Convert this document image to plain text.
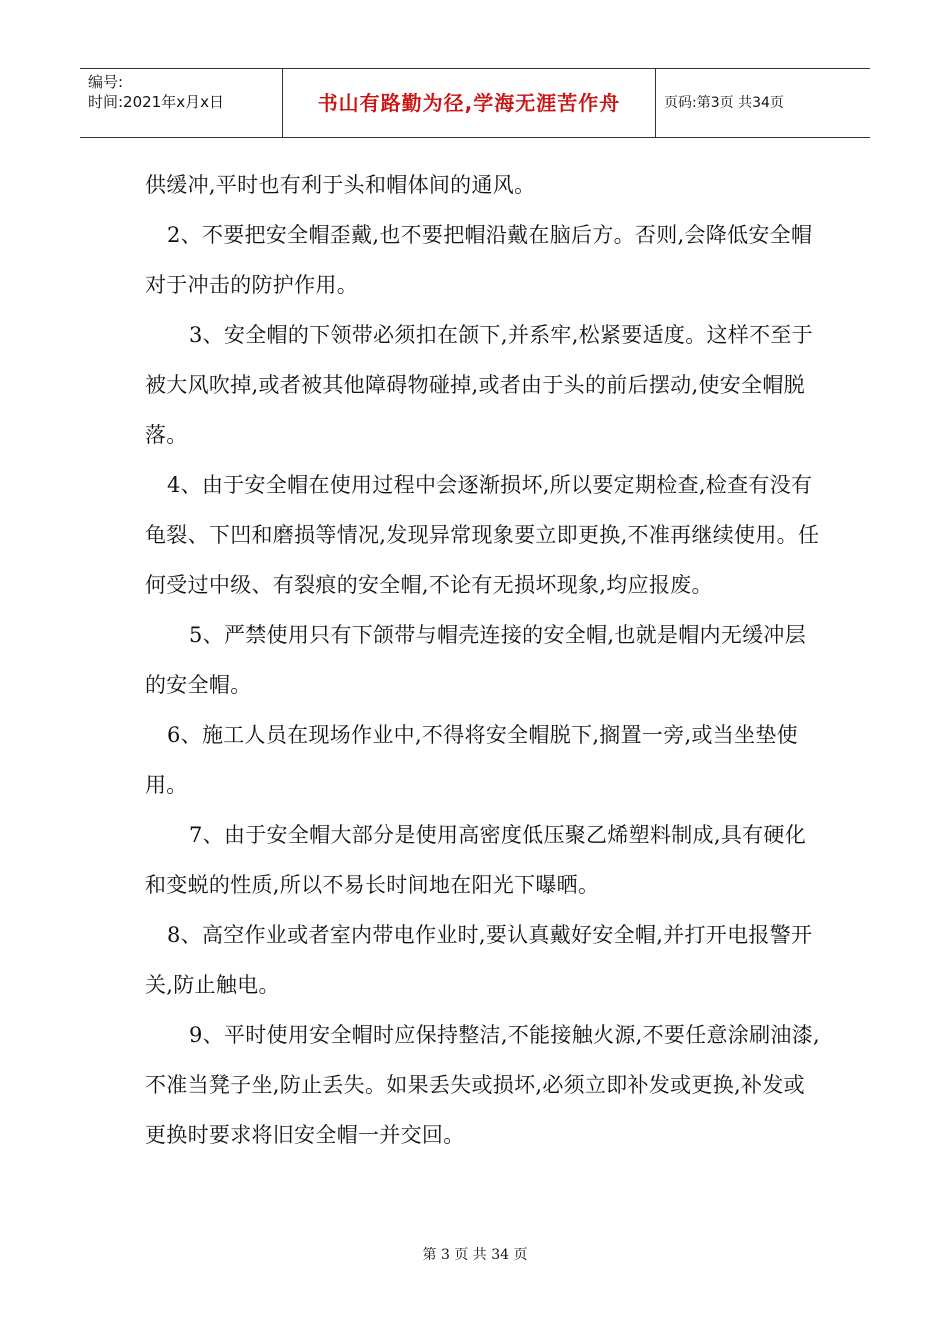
编号:
时间:2021年x月x日	书山有路勤为径,学海无涯苦作舟	页码:第3页 共34页

供缓冲,平时也有利于头和帽体间的通风。

2、不要把安全帽歪戴,也不要把帽沿戴在脑后方。否则,会降低安全帽对于冲击的防护作用。

3、安全帽的下领带必须扣在颌下,并系牢,松紧要适度。这样不至于被大风吹掉,或者被其他障碍物碰掉,或者由于头的前后摆动,使安全帽脱落。

4、由于安全帽在使用过程中会逐渐损坏,所以要定期检查,检查有没有龟裂、下凹和磨损等情况,发现异常现象要立即更换,不准再继续使用。任何受过中级、有裂痕的安全帽,不论有无损坏现象,均应报废。

5、严禁使用只有下颌带与帽壳连接的安全帽,也就是帽内无缓冲层的安全帽。

6、施工人员在现场作业中,不得将安全帽脱下,搁置一旁,或当坐垫使用。

7、由于安全帽大部分是使用高密度低压聚乙烯塑料制成,具有硬化和变蜕的性质,所以不易长时间地在阳光下曝晒。

8、高空作业或者室内带电作业时,要认真戴好安全帽,并打开电报警开关,防止触电。

9、平时使用安全帽时应保持整洁,不能接触火源,不要任意涂刷油漆,不准当凳子坐,防止丢失。如果丢失或损坏,必须立即补发或更换,补发或更换时要求将旧安全帽一并交回。

第 3 页 共 34 页
